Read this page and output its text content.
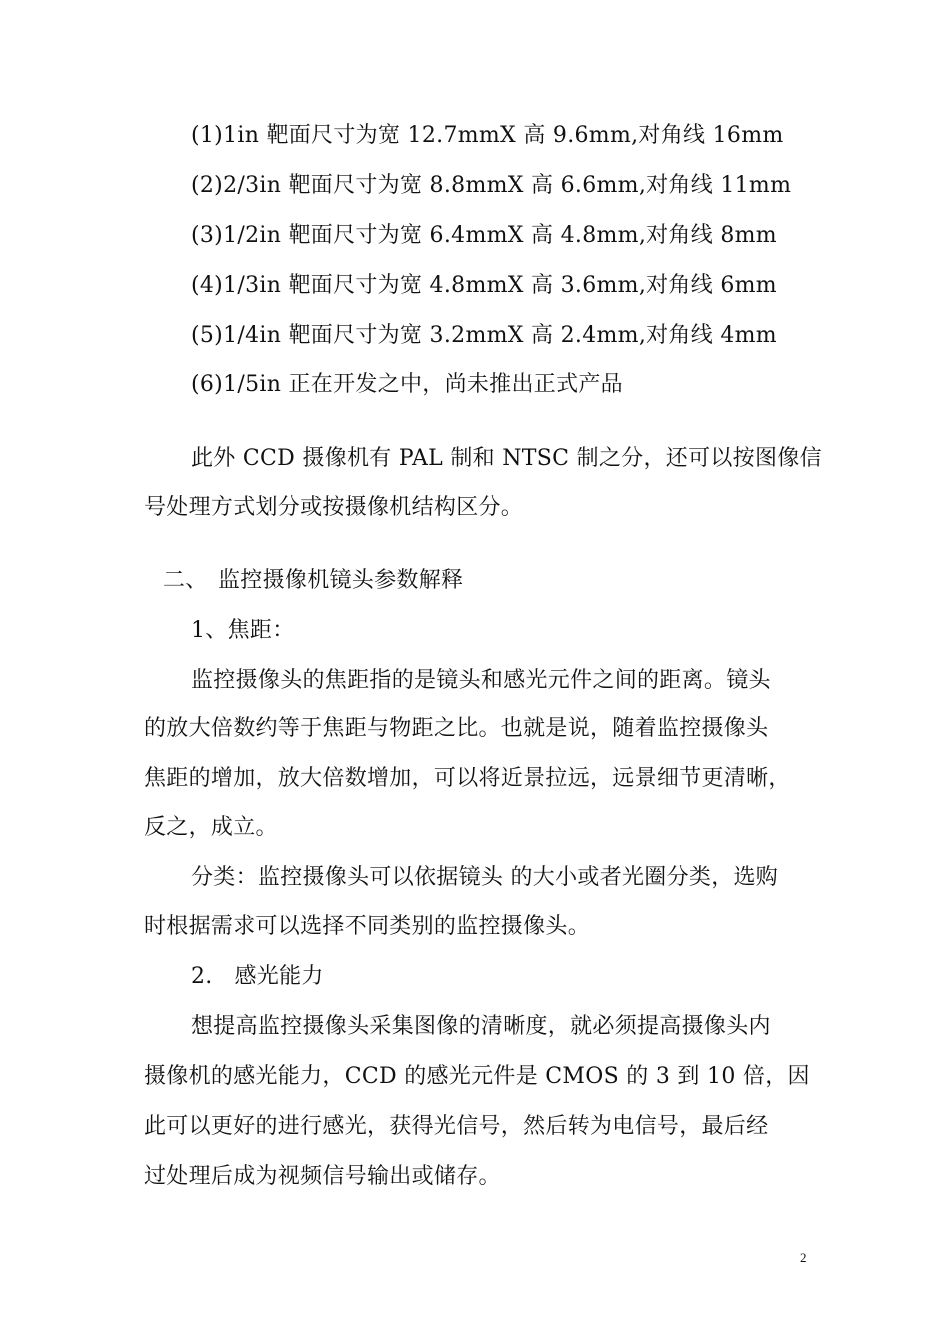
(1)1in 靶面尺寸为宽 12.7mmX 高 9.6mm,对角线 16mm
(2)2/3in 靶面尺寸为宽 8.8mmX 高 6.6mm,对角线 11mm
(3)1/2in 靶面尺寸为宽 6.4mmX 高 4.8mm,对角线 8mm
(4)1/3in 靶面尺寸为宽 4.8mmX 高 3.6mm,对角线 6mm
(5)1/4in 靶面尺寸为宽 3.2mmX 高 2.4mm,对角线 4mm
(6)1/5in 正在开发之中，尚未推出正式产品
此外 CCD 摄像机有 PAL 制和 NTSC 制之分，还可以按图像信
号处理方式划分或按摄像机结构区分。
二、 监控摄像机镜头参数解释
1、焦距：
监控摄像头的焦距指的是镜头和感光元件之间的距离。镜头
的放大倍数约等于焦距与物距之比。也就是说，随着监控摄像头
焦距的增加，放大倍数增加，可以将近景拉远，远景细节更清晰，
反之，成立。
分类：监控摄像头可以依据镜头 的大小或者光圈分类，选购
时根据需求可以选择不同类别的监控摄像头。
2.   感光能力
想提高监控摄像头采集图像的清晰度，就必须提高摄像头内
摄像机的感光能力，CCD 的感光元件是 CMOS 的 3 到 10 倍，因
此可以更好的进行感光，获得光信号，然后转为电信号，最后经
过处理后成为视频信号输出或储存。
2
